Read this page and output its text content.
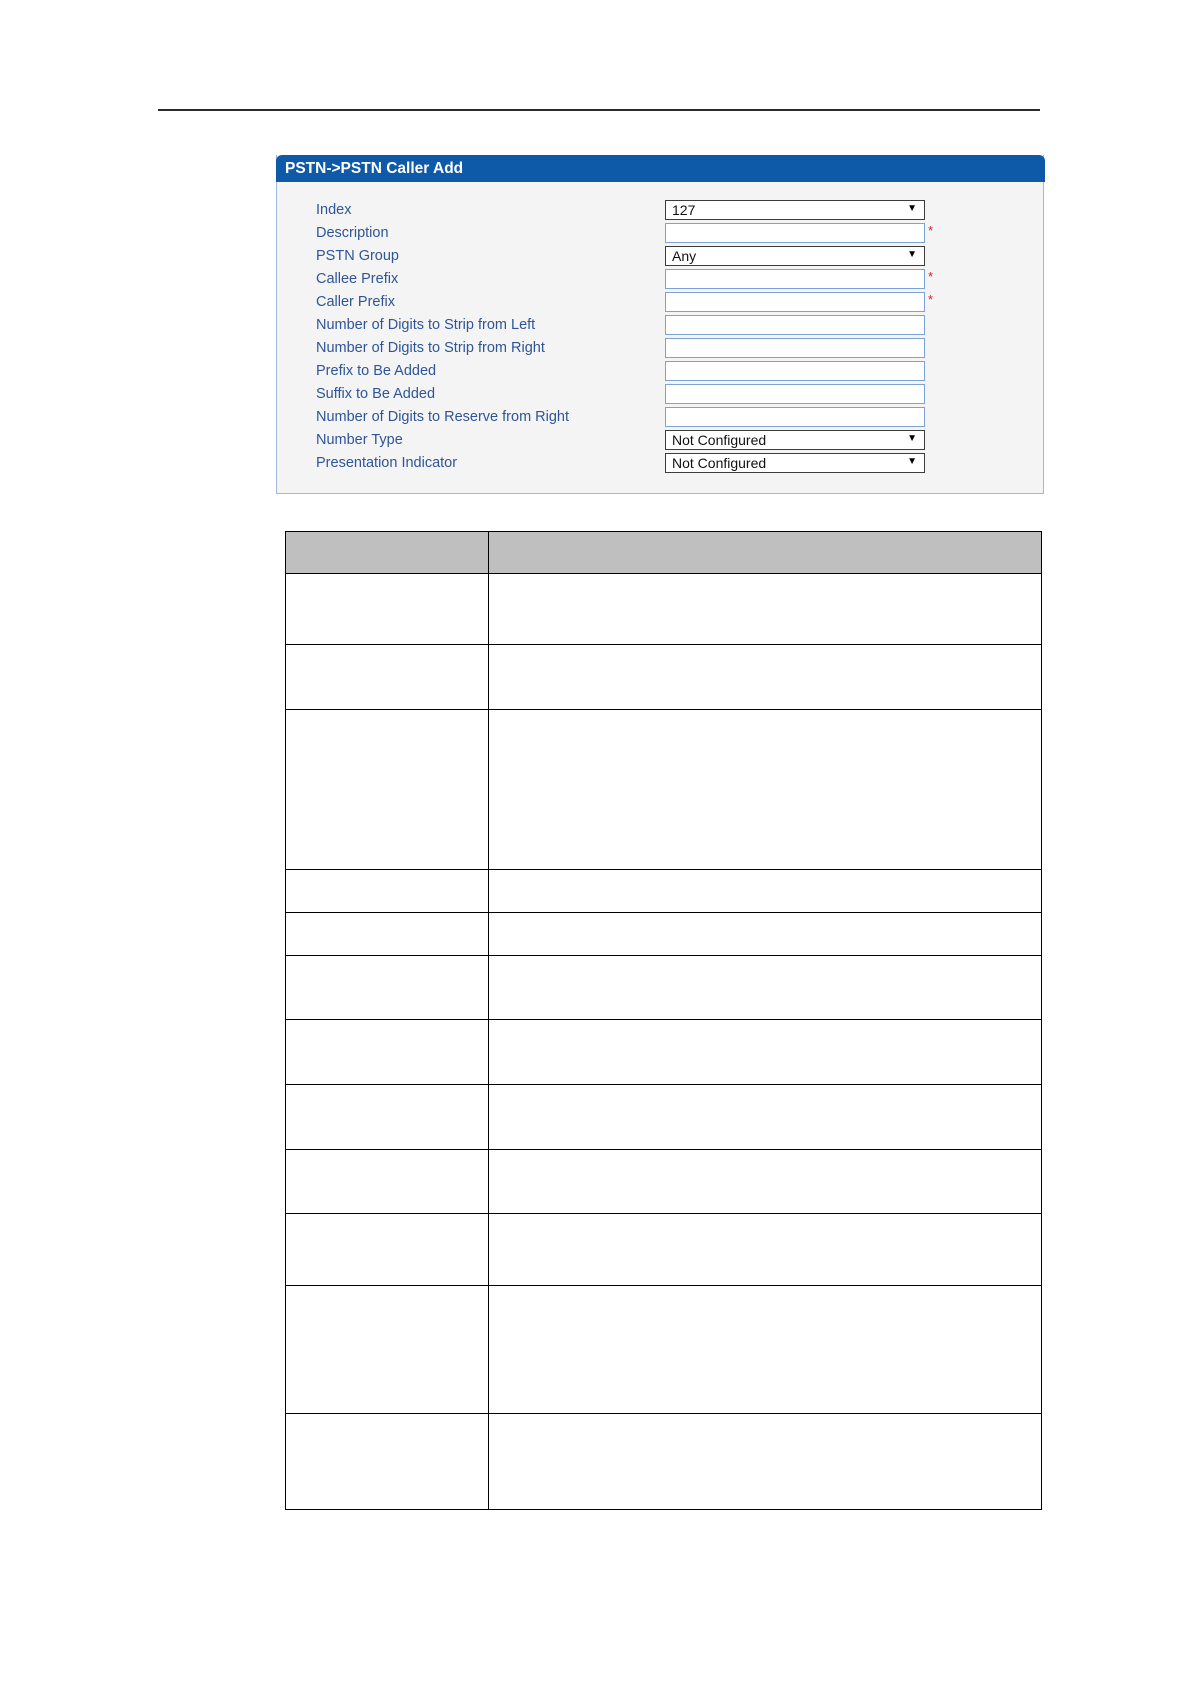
PSTN->PSTN Caller Add
Index	127	▼
Description	*
PSTN Group	Any	▼
Callee Prefix	*
Caller Prefix	*
Number of Digits to Strip from Left
Number of Digits to Strip from Right
Prefix to Be Added
Suffix to Be Added
Number of Digits to Reserve from Right
Number Type	Not Configured	▼
Presentation Indicator	Not Configured	▼
